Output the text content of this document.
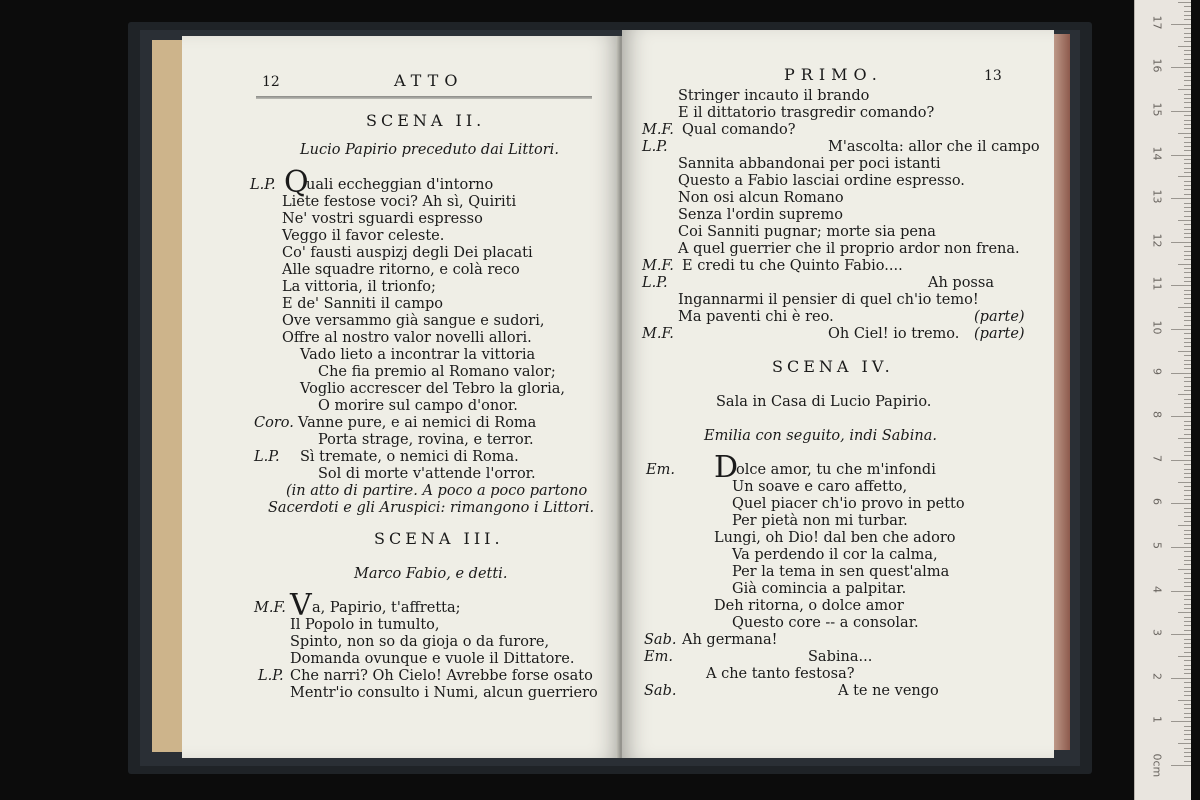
12	ATTO
SCENA II.
Lucio Papirio preceduto dai Littori.
L.P. Q
uali eccheggian d'intorno
Liete festose voci? Ah sì, Quiriti
Ne' vostri sguardi espresso
Veggo il favor celeste.
Co' fausti auspizj degli Dei placati
Alle squadre ritorno, e colà reco
La vittoria, il trionfo;
E de' Sanniti il campo
Ove versammo già sangue e sudori,
Offre al nostro valor novelli allori.
Vado lieto a incontrar la vittoria
Che fia premio al Romano valor;
Voglio accrescer del Tebro la gloria,
O morire sul campo d'onor.
Coro. Vanne pure, e ai nemici di Roma
Porta strage, rovina, e terror.
L.P. Sì tremate, o nemici di Roma.
Sol di morte v'attende l'orror.
(in atto di partire. A poco a poco partono
Sacerdoti e gli Aruspici: rimangono i Littori.
SCENA III.
Marco Fabio, e detti.
M.F. V a, Papirio, t'affretta;
Il Popolo in tumulto,
Spinto, non so da gioja o da furore,
Domanda ovunque e vuole il Dittatore.
L.P. Che narri? Oh Cielo! Avrebbe forse osato
Mentr'io consulto i Numi, alcun guerriero
PRIMO.	13
Stringer incauto il brando
E il dittatorio trasgredir comando?
M.F. Qual comando?
L.P.	M'ascolta: allor che il campo
Sannita abbandonai per poci istanti
Questo a Fabio lasciai ordine espresso.
Non osi alcun Romano
Senza l'ordin supremo
Coi Sanniti pugnar; morte sia pena
A quel guerrier che il proprio ardor non frena.
M.F. E credi tu che Quinto Fabio....
L.P.	Ah possa
Ingannarmi il pensier di quel ch'io temo!
Ma paventi chi è reo.	(parte)
M.F.	Oh Ciel! io tremo. (parte)
SCENA IV.
Sala in Casa di Lucio Papirio.
Emilia con seguito, indi Sabina.
Em. D
olce amor, tu che m'infondi
Un soave e caro affetto,
Quel piacer ch'io provo in petto
Per pietà non mi turbar.
Lungi, oh Dio! dal ben che adoro
Va perdendo il cor la calma,
Per la tema in sen quest'alma
Già comincia a palpitar.
Deh ritorna, o dolce amor
Questo core -- a consolar.
Sab. Ah germana!
Em.	Sabina...
A che tanto festosa?
Sab.	A te ne vengo
0cm
1
2
3
4
5
6
7
8
9
10
11
12
13
14
15
16
17
